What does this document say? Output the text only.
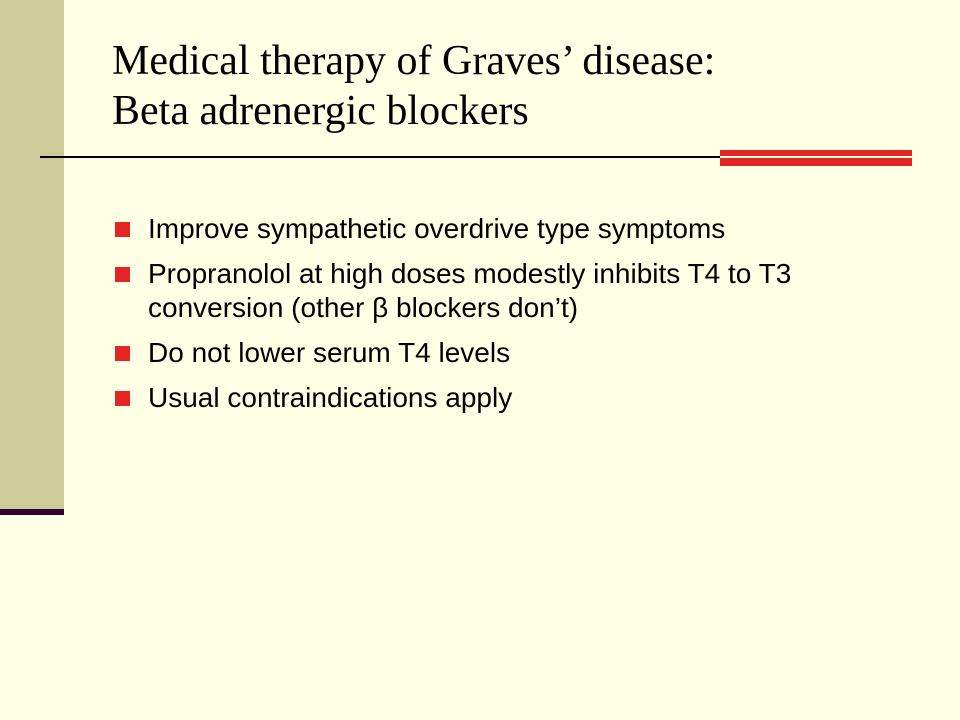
Medical therapy of Graves’ disease:
Beta adrenergic blockers
Improve sympathetic overdrive type symptoms
Propranolol at high doses modestly inhibits T4 to T3 conversion (other β blockers don’t)
Do not lower serum T4 levels
Usual contraindications apply
